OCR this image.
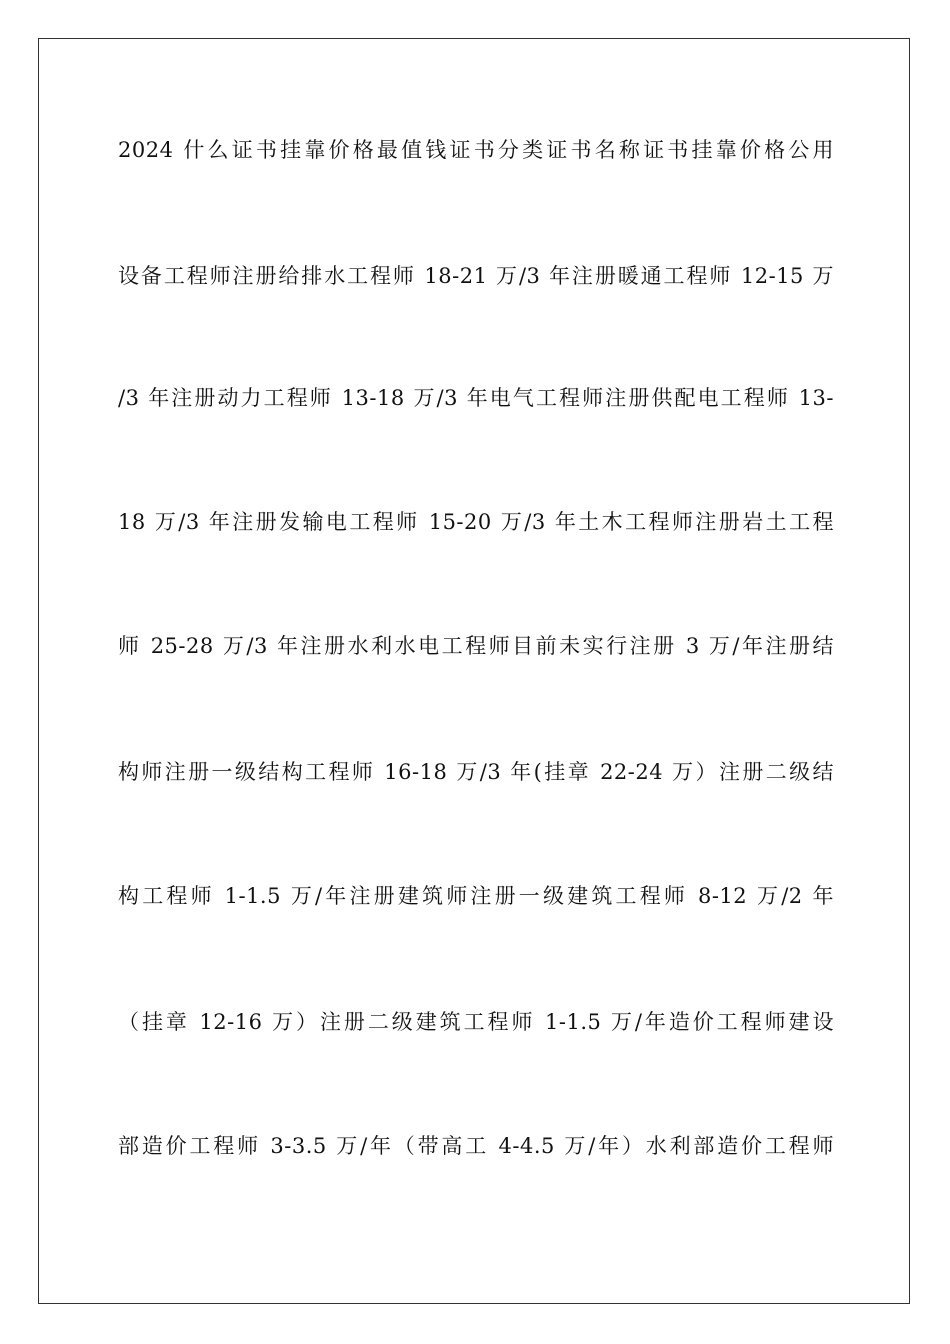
2024 什么证书挂靠价格最值钱证书分类证书名称证书挂靠价格公用
设备工程师注册给排水工程师 18-21 万/3 年注册暖通工程师 12-15 万
/3 年注册动力工程师 13-18 万/3 年电气工程师注册供配电工程师 13-
18 万/3 年注册发输电工程师 15-20 万/3 年土木工程师注册岩土工程
师 25-28 万/3 年注册水利水电工程师目前未实行注册 3 万/年注册结
构师注册一级结构工程师 16-18 万/3 年(挂章 22-24 万）注册二级结
构工程师 1-1.5 万/年注册建筑师注册一级建筑工程师 8-12 万/2 年
（挂章 12-16 万）注册二级建筑工程师 1-1.5 万/年造价工程师建设
部造价工程师 3-3.5 万/年（带高工 4-4.5 万/年）水利部造价工程师
